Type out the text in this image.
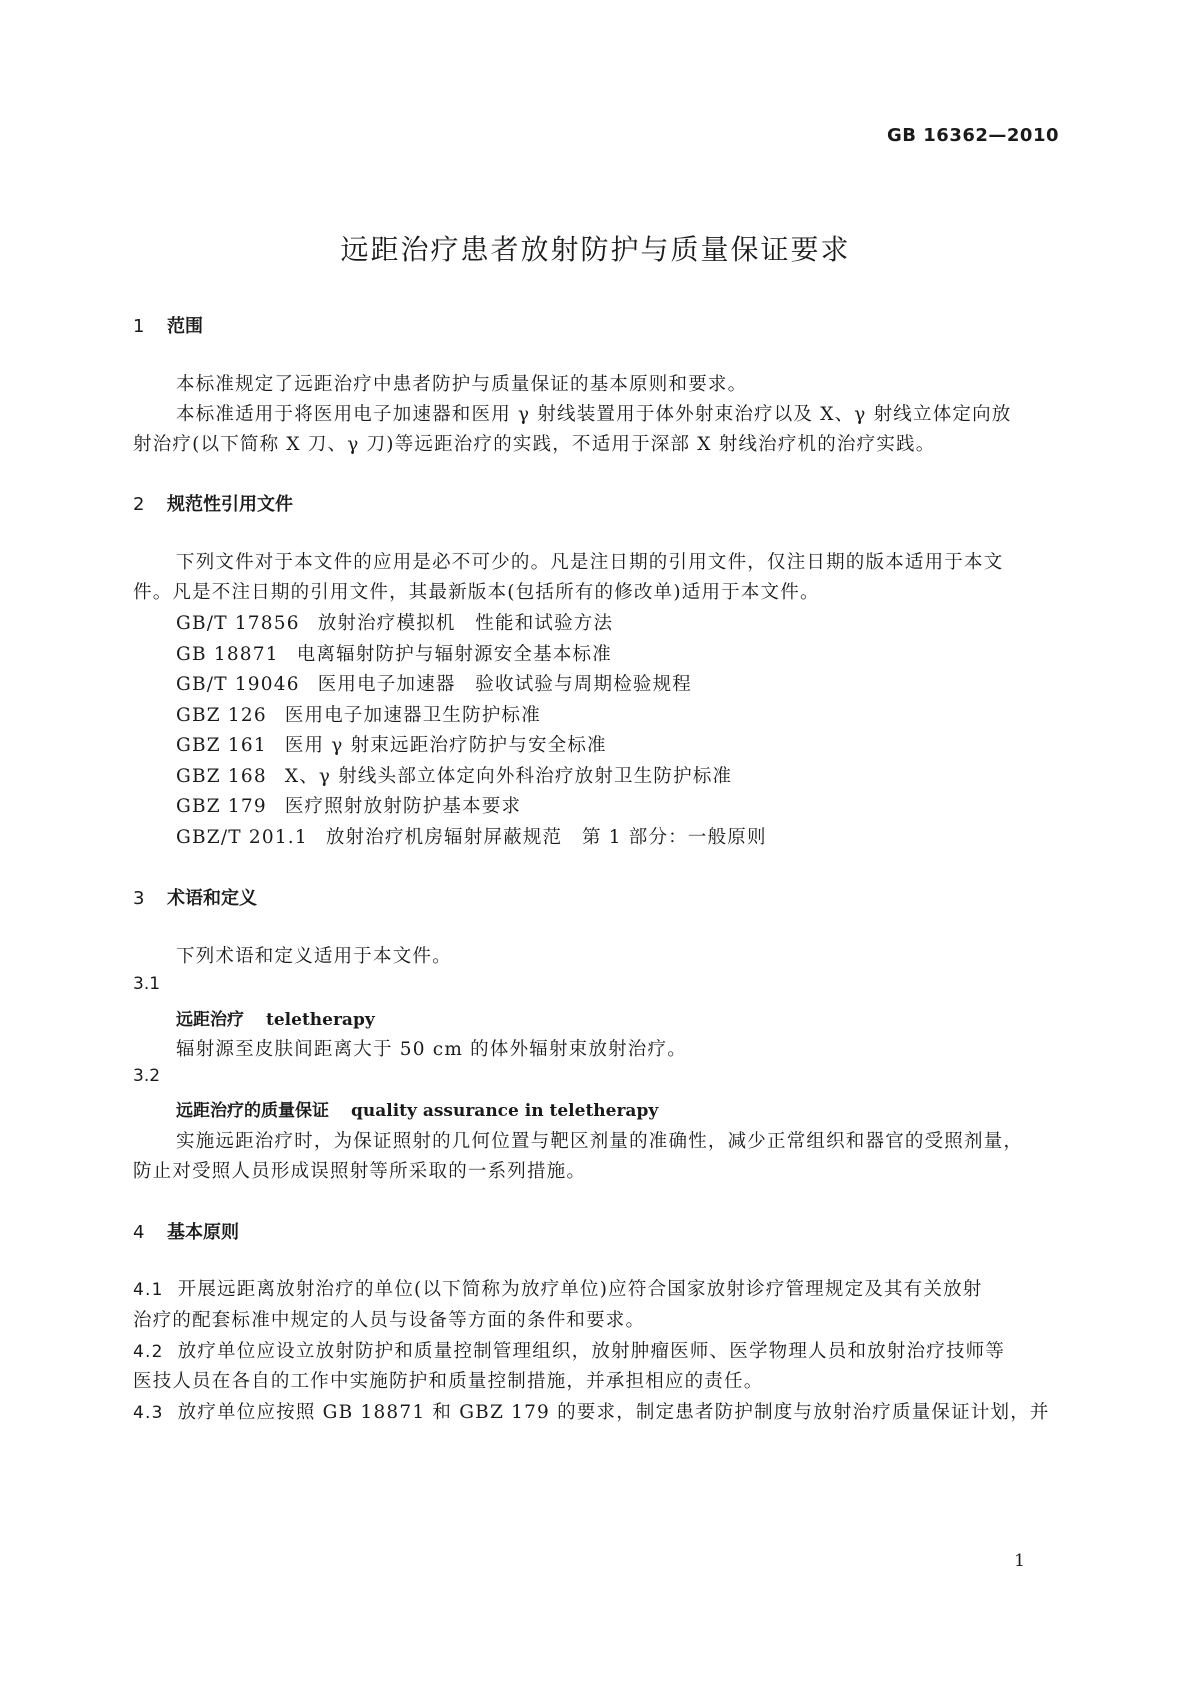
GB 16362—2010
远距治疗患者放射防护与质量保证要求
1 范围
本标准规定了远距治疗中患者防护与质量保证的基本原则和要求。
本标准适用于将医用电子加速器和医用 γ 射线装置用于体外射束治疗以及 X、γ 射线立体定向放
射治疗(以下简称 X 刀、γ 刀)等远距治疗的实践，不适用于深部 X 射线治疗机的治疗实践。
2 规范性引用文件
下列文件对于本文件的应用是必不可少的。凡是注日期的引用文件，仅注日期的版本适用于本文
件。凡是不注日期的引用文件，其最新版本(包括所有的修改单)适用于本文件。
GB/T 17856 放射治疗模拟机　性能和试验方法
GB 18871 电离辐射防护与辐射源安全基本标准
GB/T 19046 医用电子加速器　验收试验与周期检验规程
GBZ 126 医用电子加速器卫生防护标准
GBZ 161 医用 γ 射束远距治疗防护与安全标准
GBZ 168 X、γ 射线头部立体定向外科治疗放射卫生防护标准
GBZ 179 医疗照射放射防护基本要求
GBZ/T 201.1 放射治疗机房辐射屏蔽规范　第 1 部分：一般原则
3 术语和定义
下列术语和定义适用于本文件。
3.1
远距治疗 teletherapy
辐射源至皮肤间距离大于 50 cm 的体外辐射束放射治疗。
3.2
远距治疗的质量保证 quality assurance in teletherapy
实施远距治疗时，为保证照射的几何位置与靶区剂量的准确性，减少正常组织和器官的受照剂量，
防止对受照人员形成误照射等所采取的一系列措施。
4 基本原则
4.1 开展远距离放射治疗的单位(以下简称为放疗单位)应符合国家放射诊疗管理规定及其有关放射
治疗的配套标准中规定的人员与设备等方面的条件和要求。
4.2 放疗单位应设立放射防护和质量控制管理组织，放射肿瘤医师、医学物理人员和放射治疗技师等
医技人员在各自的工作中实施防护和质量控制措施，并承担相应的责任。
4.3 放疗单位应按照 GB 18871 和 GBZ 179 的要求，制定患者防护制度与放射治疗质量保证计划，并
1
